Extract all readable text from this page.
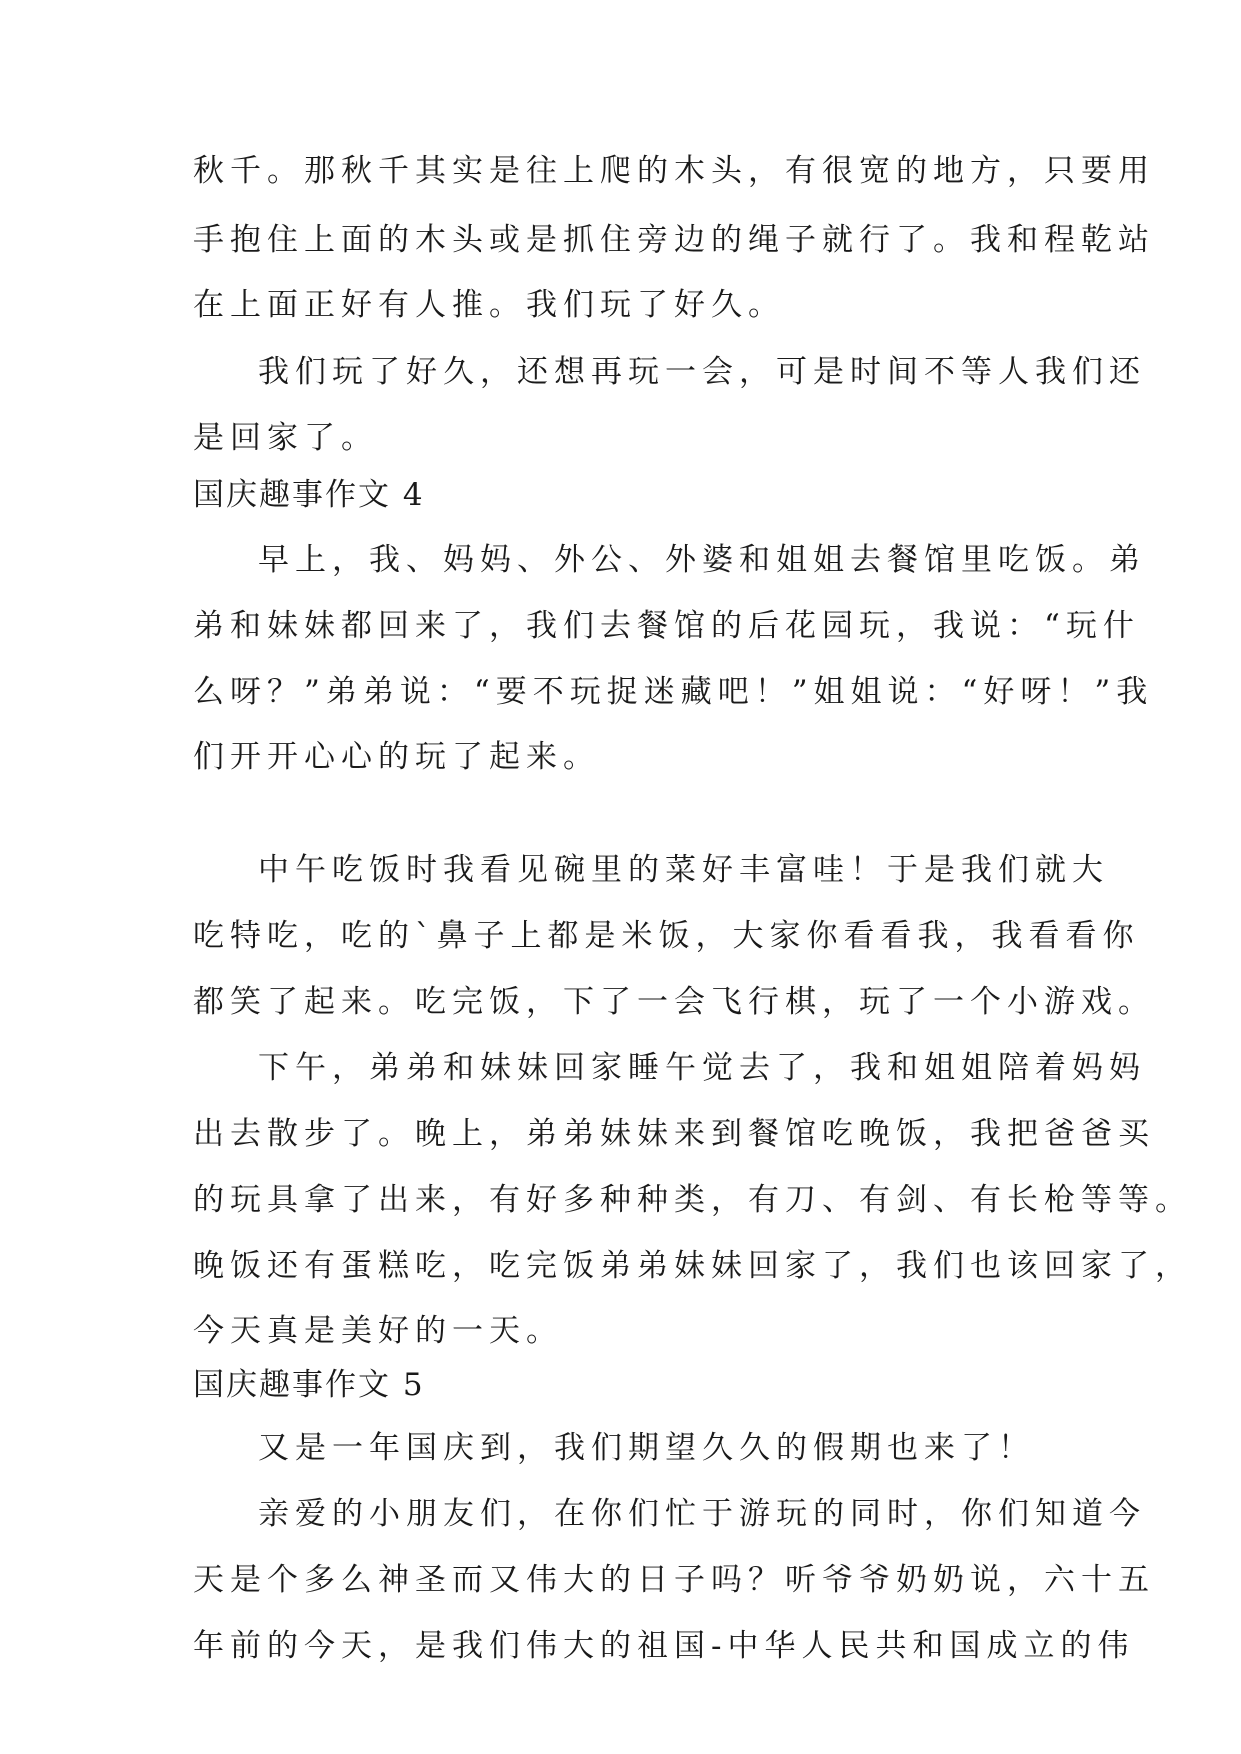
秋千。那秋千其实是往上爬的木头，有很宽的地方，只要用
手抱住上面的木头或是抓住旁边的绳子就行了。我和程乾站
在上面正好有人推。我们玩了好久。
我们玩了好久，还想再玩一会，可是时间不等人我们还
是回家了。
国庆趣事作文 4
早上，我、妈妈、外公、外婆和姐姐去餐馆里吃饭。弟
弟和妹妹都回来了，我们去餐馆的后花园玩，我说：“玩什
么呀？”弟弟说：“要不玩捉迷藏吧！”姐姐说：“好呀！”我
们开开心心的玩了起来。
中午吃饭时我看见碗里的菜好丰富哇！于是我们就大
吃特吃，吃的`鼻子上都是米饭，大家你看看我，我看看你
都笑了起来。吃完饭，下了一会飞行棋，玩了一个小游戏。
下午，弟弟和妹妹回家睡午觉去了，我和姐姐陪着妈妈
出去散步了。晚上，弟弟妹妹来到餐馆吃晚饭，我把爸爸买
的玩具拿了出来，有好多种种类，有刀、有剑、有长枪等等。
晚饭还有蛋糕吃，吃完饭弟弟妹妹回家了，我们也该回家了，
今天真是美好的一天。
国庆趣事作文 5
又是一年国庆到，我们期望久久的假期也来了！
亲爱的小朋友们，在你们忙于游玩的同时，你们知道今
天是个多么神圣而又伟大的日子吗？听爷爷奶奶说，六十五
年前的今天，是我们伟大的祖国-中华人民共和国成立的伟
